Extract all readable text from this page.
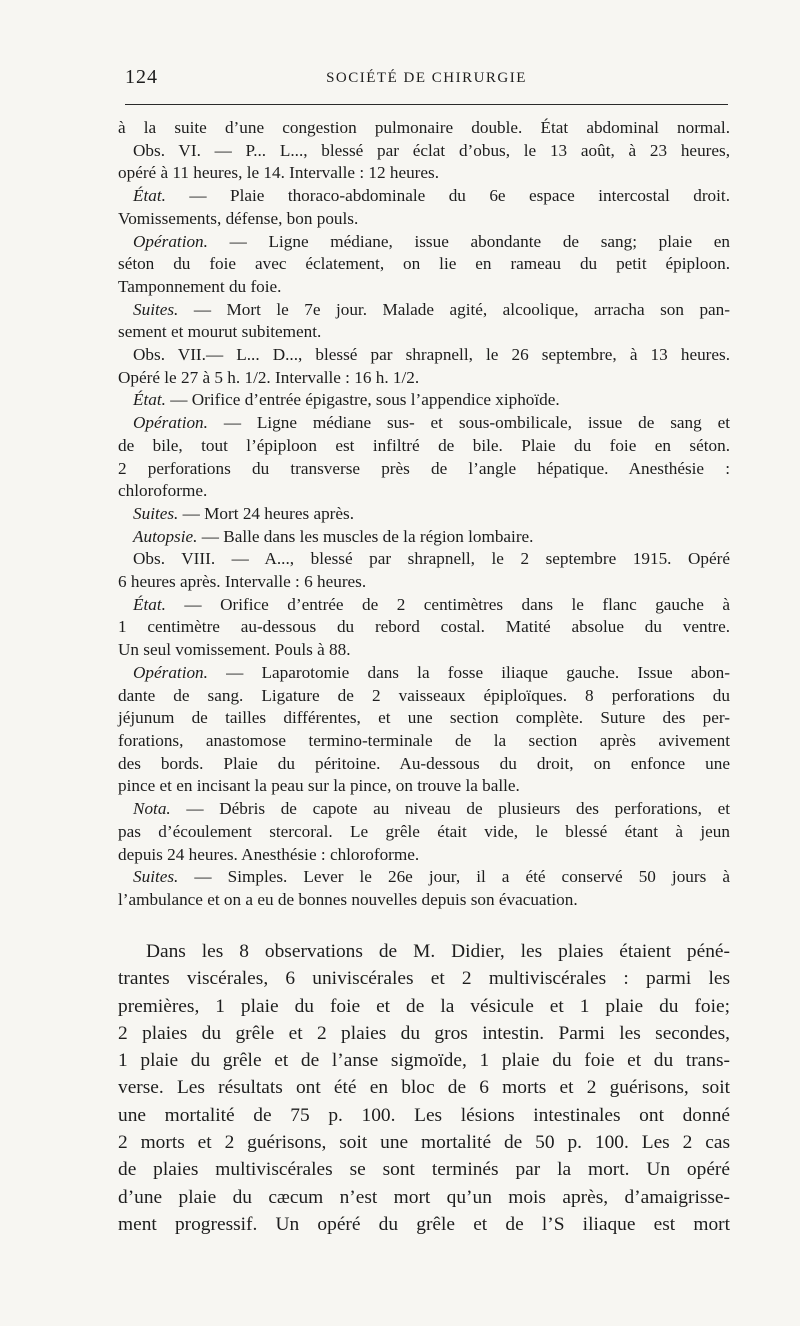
124	SOCIÉTÉ DE CHIRURGIE
à la suite d’une congestion pulmonaire double. État abdominal normal.
Obs. VI. — P... L..., blessé par éclat d’obus, le 13 août, à 23 heures,
opéré à 11 heures, le 14. Intervalle : 12 heures.
État. — Plaie thoraco-abdominale du 6e espace intercostal droit.
Vomissements, défense, bon pouls.
Opération. — Ligne médiane, issue abondante de sang; plaie en
séton du foie avec éclatement, on lie en rameau du petit épiploon.
Tamponnement du foie.
Suites. — Mort le 7e jour. Malade agité, alcoolique, arracha son pan-
sement et mourut subitement.
Obs. VII.— L... D..., blessé par shrapnell, le 26 septembre, à 13 heures.
Opéré le 27 à 5 h. 1/2. Intervalle : 16 h. 1/2.
État. — Orifice d’entrée épigastre, sous l’appendice xiphoïde.
Opération. — Ligne médiane sus- et sous-ombilicale, issue de sang et
de bile, tout l’épiploon est infiltré de bile. Plaie du foie en séton.
2 perforations du transverse près de l’angle hépatique. Anesthésie :
chloroforme.
Suites. — Mort 24 heures après.
Autopsie. — Balle dans les muscles de la région lombaire.
Obs. VIII. — A..., blessé par shrapnell, le 2 septembre 1915. Opéré
6 heures après. Intervalle : 6 heures.
État. — Orifice d’entrée de 2 centimètres dans le flanc gauche à
1 centimètre au-dessous du rebord costal. Matité absolue du ventre.
Un seul vomissement. Pouls à 88.
Opération. — Laparotomie dans la fosse iliaque gauche. Issue abon-
dante de sang. Ligature de 2 vaisseaux épiploïques. 8 perforations du
jéjunum de tailles différentes, et une section complète. Suture des per-
forations, anastomose termino-terminale de la section après avivement
des bords. Plaie du péritoine. Au-dessous du droit, on enfonce une
pince et en incisant la peau sur la pince, on trouve la balle.
Nota. — Débris de capote au niveau de plusieurs des perforations, et
pas d’écoulement stercoral. Le grêle était vide, le blessé étant à jeun
depuis 24 heures. Anesthésie : chloroforme.
Suites. — Simples. Lever le 26e jour, il a été conservé 50 jours à
l’ambulance et on a eu de bonnes nouvelles depuis son évacuation.
Dans les 8 observations de M. Didier, les plaies étaient péné-
trantes viscérales, 6 univiscérales et 2 multiviscérales : parmi les
premières, 1 plaie du foie et de la vésicule et 1 plaie du foie;
2 plaies du grêle et 2 plaies du gros intestin. Parmi les secondes,
1 plaie du grêle et de l’anse sigmoïde, 1 plaie du foie et du trans-
verse. Les résultats ont été en bloc de 6 morts et 2 guérisons, soit
une mortalité de 75 p. 100. Les lésions intestinales ont donné
2 morts et 2 guérisons, soit une mortalité de 50 p. 100. Les 2 cas
de plaies multiviscérales se sont terminés par la mort. Un opéré
d’une plaie du cæcum n’est mort qu’un mois après, d’amaigrisse-
ment progressif. Un opéré du grêle et de l’S iliaque est mort
